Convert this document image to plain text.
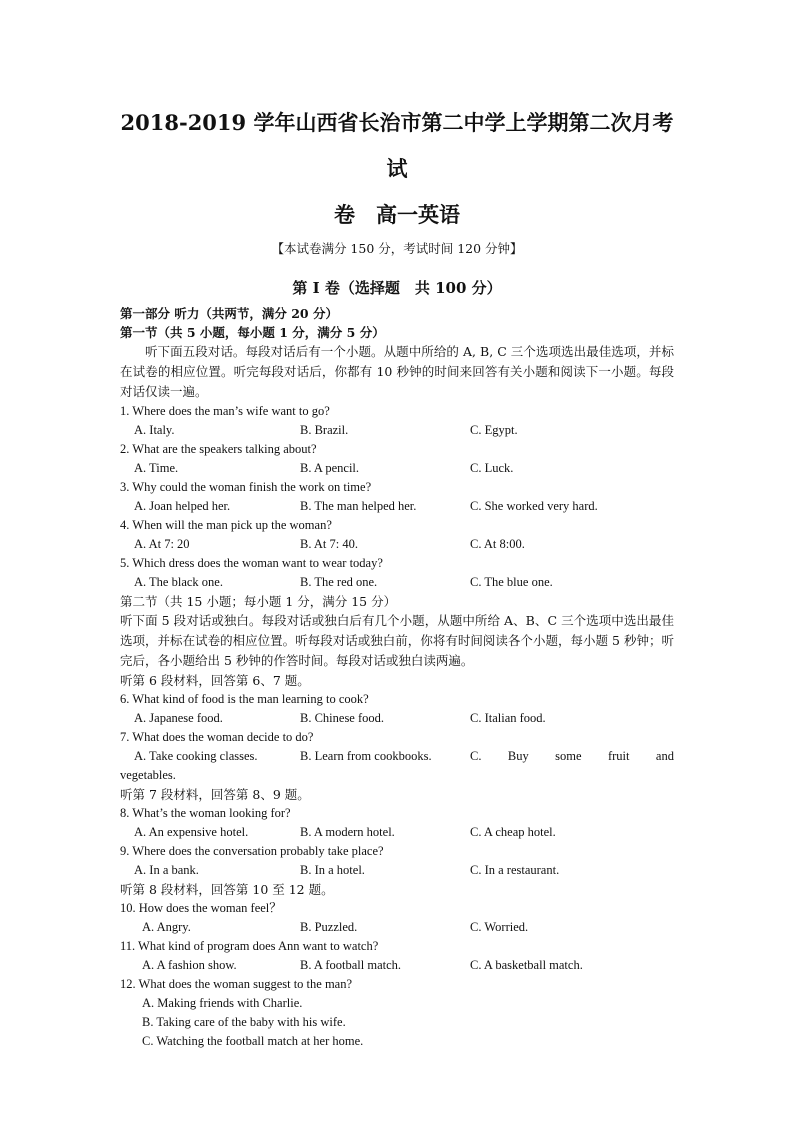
2018-2019 学年山西省长治市第二中学上学期第二次月考试
卷　高一英语

【本试卷满分 150 分，考试时间 120 分钟】

第 I 卷（选择题　共 100 分）

第一部分 听力（共两节，满分 20 分）

第一节（共 5 小题，每小题 1 分，满分 5 分）

听下面五段对话。每段对话后有一个小题。从题中所给的 A, B, C 三个选项选出最佳选项，并标在试卷的相应位置。听完每段对话后，你都有 10 秒钟的时间来回答有关小题和阅读下一小题。每段对话仅读一遍。

1. Where does the man’s wife want to go?

A. Italy.	B. Brazil.	C. Egypt.

2. What are the speakers talking about?

A. Time.	B. A pencil.	C. Luck.

3. Why could the woman finish the work on time?

A. Joan helped her.	B. The man helped her.	C. She worked very hard.

4. When will the man pick up the woman?

A. At 7: 20	B. At 7: 40.	C. At 8:00.

5. Which dress does the woman want to wear today?

A. The black one.	B. The red one.	C. The blue one.

第二节（共 15 小题；每小题 1 分，满分 15 分）

听下面 5 段对话或独白。每段对话或独白后有几个小题，从题中所给 A、B、C 三个选项中选出最佳选项，并标在试卷的相应位置。听每段对话或独白前，你将有时间阅读各个小题，每小题 5 秒钟；听完后，各小题给出 5 秒钟的作答时间。每段对话或独白读两遍。

听第 6 段材料，回答第 6、7 题。

6. What kind of food is the man learning to cook?

A. Japanese food.	B. Chinese food.	C. Italian food.

7. What does the woman decide to do?

A. Take cooking classes.	B. Learn from cookbooks.	C. Buy some fruit and

vegetables.

听第 7 段材料，回答第 8、9 题。

8. What’s the woman looking for?

A. An expensive hotel.	B. A modern hotel.	C. A cheap hotel.

9. Where does the conversation probably take place?

A. In a bank.	B. In a hotel.	C. In a restaurant.

听第 8 段材料，回答第 10 至 12 题。

10. How does the woman feel？

A. Angry.	B. Puzzled.	C. Worried.

11. What kind of program does Ann want to watch?

A. A fashion show.	B. A football match.	C. A basketball match.

12. What does the woman suggest to the man?

A. Making friends with Charlie.

B. Taking care of the baby with his wife.

C. Watching the football match at her home.
